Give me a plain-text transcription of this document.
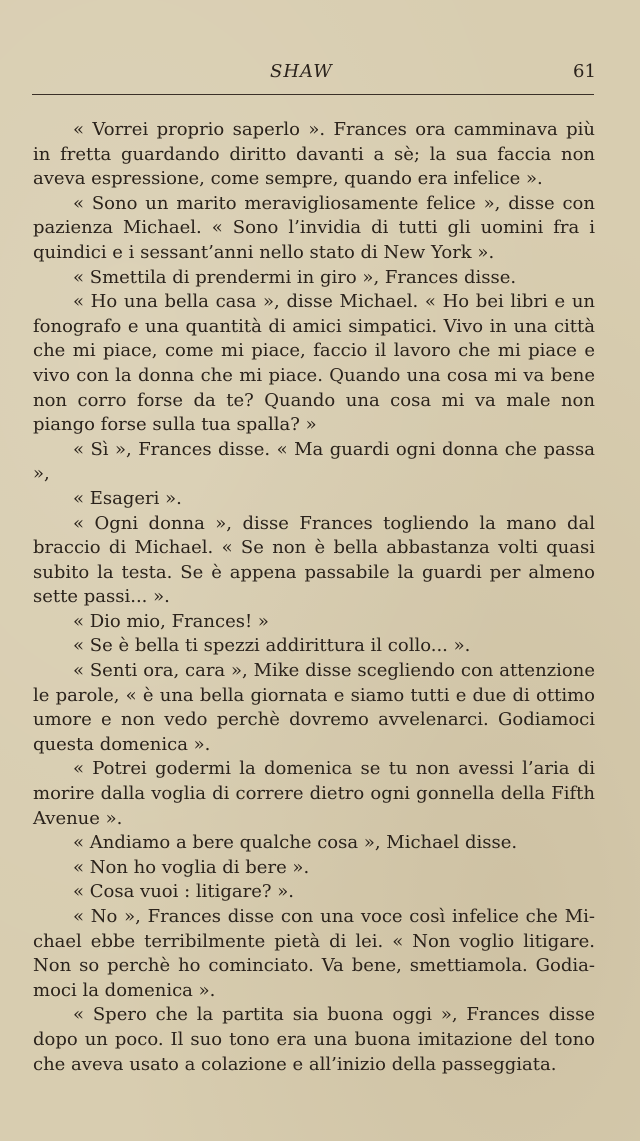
SHAW	61

« Vorrei proprio saperlo ». Frances ora camminava più in fretta guardando diritto davanti a sè; la sua faccia non aveva espressione, come sempre, quando era infelice ».

« Sono un marito meravigliosamente felice », disse con pazienza Michael. « Sono l’invidia di tutti gli uomini fra i quindici e i sessant’anni nello stato di New York ».

« Smettila di prendermi in giro », Frances disse.

« Ho una bella casa », disse Michael. « Ho bei libri e un fonografo e una quantità di amici simpatici. Vivo in una città che mi piace, come mi piace, faccio il lavoro che mi piace e vivo con la donna che mi piace. Quando una cosa mi va bene non corro forse da te? Quando una cosa mi va male non piango forse sulla tua spalla? »

« Sì », Frances disse. « Ma guardi ogni donna che passa »,

« Esageri ».

« Ogni donna », disse Frances togliendo la mano dal braccio di Michael. « Se non è bella abbastanza volti quasi subito la testa. Se è appena passabile la guardi per almeno sette passi... ».

« Dio mio, Frances! »

« Se è bella ti spezzi addirittura il collo... ».

« Senti ora, cara », Mike disse scegliendo con attenzione le parole, « è una bella giornata e siamo tutti e due di ottimo umore e non vedo perchè dovremo avvelenarci. Godiamoci questa domenica ».

« Potrei godermi la domenica se tu non avessi l’aria di morire dalla voglia di correre dietro ogni gonnella della Fifth Avenue ».

« Andiamo a bere qualche cosa », Michael disse.

« Non ho voglia di bere ».

« Cosa vuoi : litigare? ».

« No », Frances disse con una voce così infelice che Michael ebbe terribilmente pietà di lei. « Non voglio litigare. Non so perchè ho cominciato. Va bene, smettiamola. Godiamoci la domenica ».

« Spero che la partita sia buona oggi », Frances disse dopo un poco. Il suo tono era una buona imitazione del tono che aveva usato a colazione e all’inizio della passeggiata.
